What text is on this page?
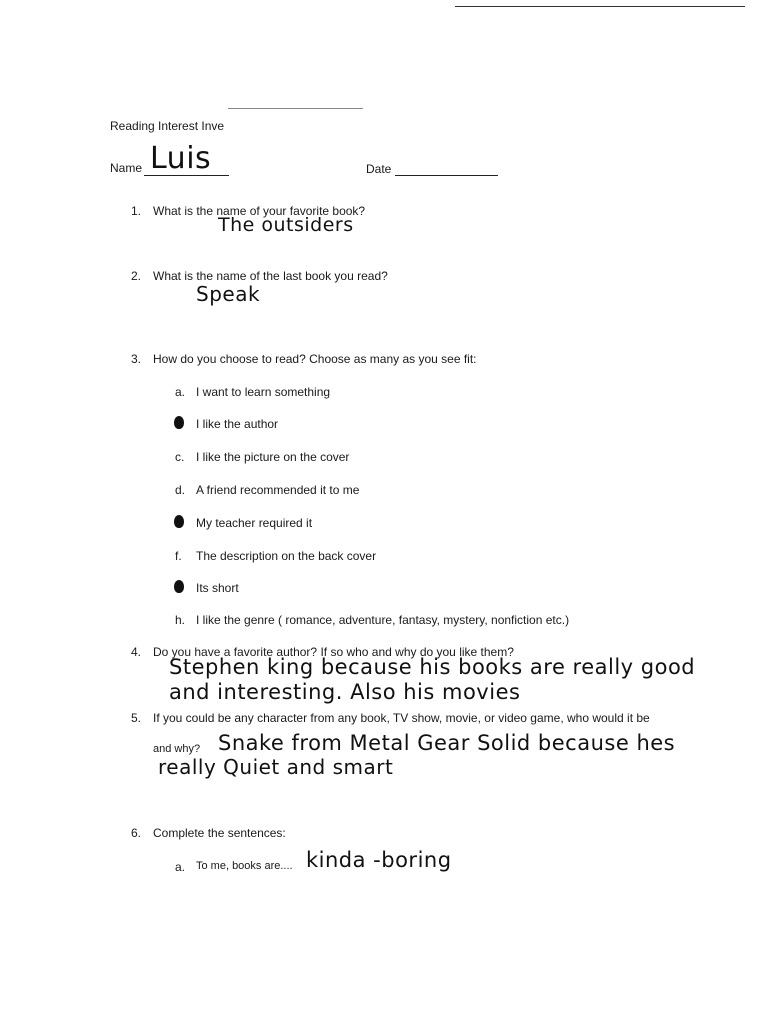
Reading Interest Inve
Name Luis	Date
1. What is the name of your favorite book?
The outsiders
2. What is the name of the last book you read?
Speak
3. How do you choose to read? Choose as many as you see fit:
a. I want to learn something
I like the author
c. I like the picture on the cover
d. A friend recommended it to me
My teacher required it
f. The description on the back cover
Its short
h. I like the genre ( romance, adventure, fantasy, mystery, nonfiction etc.)
4. Do you have a favorite author? If so who and why do you like them?
Stephen king because his books are really good
and interesting. Also his movies
5. If you could be any character from any book, TV show, movie, or video game, who would it be
and why? Snake from Metal Gear Solid because hes
really Quiet and smart
6. Complete the sentences:
a. To me, books are.... kinda -boring
